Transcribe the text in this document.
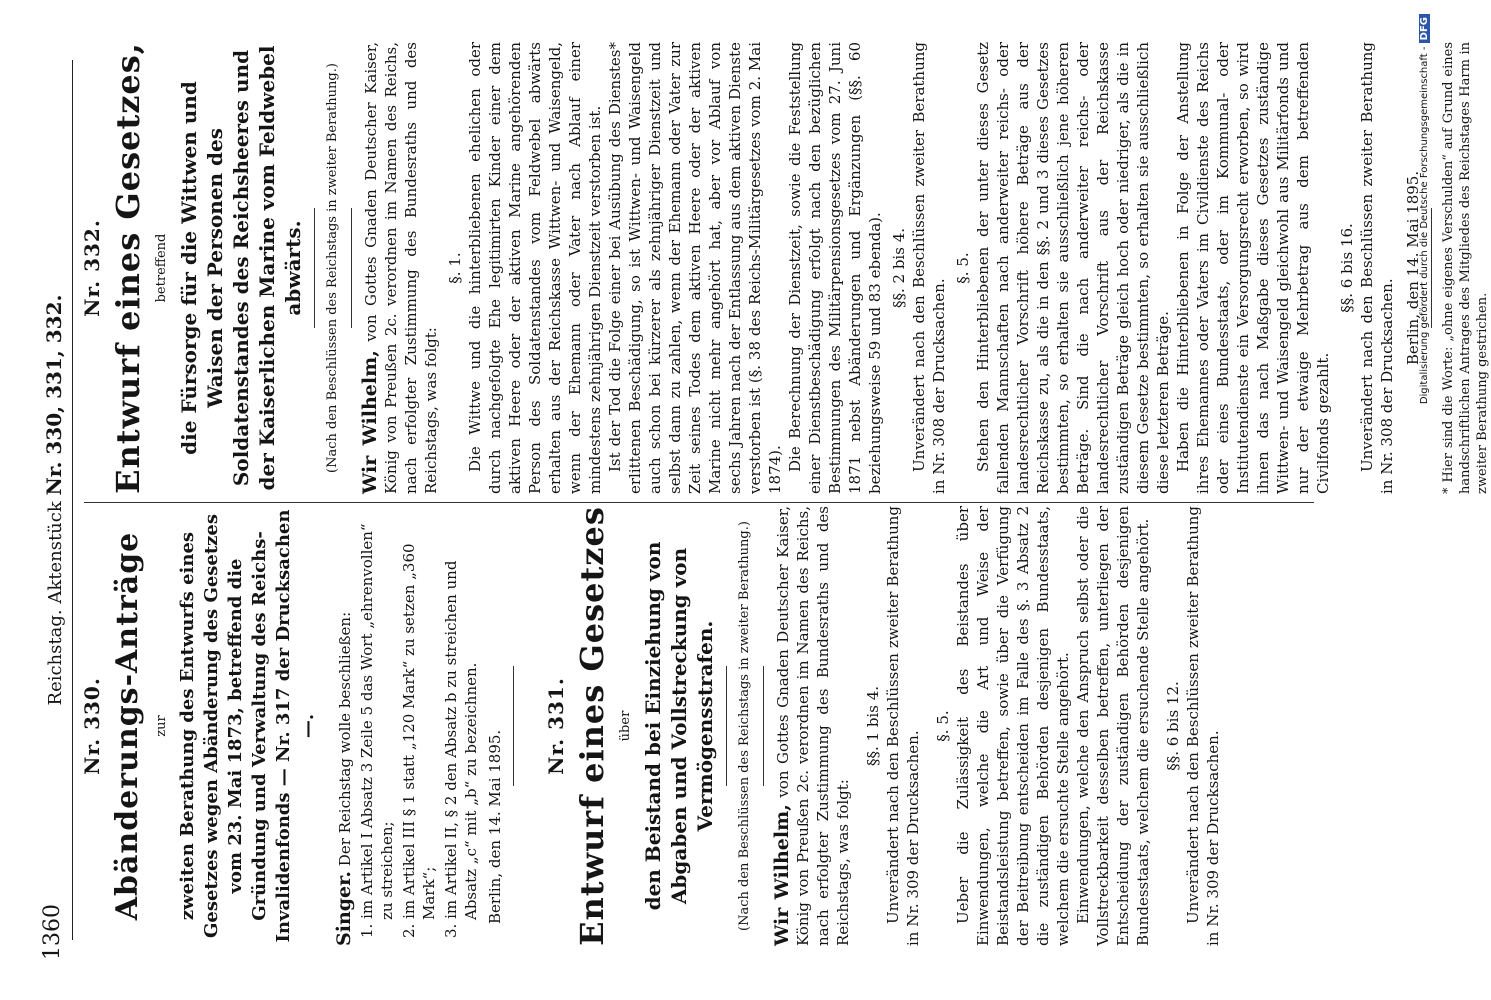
1360
Reichstag. Aktenstück Nr. 330, 331, 332.
Nr. 330. Abänderungs-Anträge zur zweiten Berathung des Entwurfs eines Gesetzes wegen Abänderung des Gesetzes vom 23. Mai 1873, betreffend die Gründung und Verwaltung des Reichs-Invalidenfonds — Nr. 317 der Drucksachen —.
Singer. Der Reichstag wolle beschließen: 1. im Artikel I Absatz 3 Zeile 5 das Wort „ehrenvollen“ zu streichen; 2. im Artikel III § 1 statt „120 Mark“ zu setzen „360 Mark“; 3. im Artikel II, § 2 den Absatz b zu streichen und Absatz „c“ mit „b“ zu bezeichnen. Berlin, den 14. Mai 1895.
Nr. 331. Entwurf eines Gesetzes über den Beistand bei Einziehung von Abgaben und Vollstreckung von Vermögensstrafen. (Nach den Beschlüssen des Reichstags in zweiter Berathung.) Wir Wilhelm, von Gottes Gnaden Deutscher Kaiser, König von Preußen 2c. verordnen im Namen des Reichs, nach erfolgter Zustimmung des Bundesraths und des Reichstags, was folgt:
§§. 1 bis 4. Unverändert nach den Beschlüssen zweiter Berathung in Nr. 309 der Drucksachen.
§. 5. Ueber die Zulässigkeit des Beistandes über Einwendungen, welche die Art und Weise der Beistandsleistung betreffen, sowie über die Verfügung der Beitreibung entscheiden im Falle des §. 3 Absatz 2 die zuständigen Behörden desjenigen Bundesstaats, welchem die ersuchte Stelle angehört. Einwendungen, welche den Anspruch selbst oder die Vollstreckbarkeit desselben betreffen, unterliegen der Entscheidung der zuständigen Behörden desjenigen Bundesstaats, welchem die ersuchende Stelle angehört. §§. 6 bis 12. Unverändert nach den Beschlüssen zweiter Berathung in Nr. 309 der Drucksachen.
Nr. 332. Entwurf eines Gesetzes, betreffend die Fürsorge für die Wittwen und Waisen der Personen des Soldatenstandes des Reichsheeres und der Kaiserlichen Marine vom Feldwebel abwärts. (Nach den Beschlüssen des Reichstags in zweiter Berathung.) Wir Wilhelm, von Gottes Gnaden Deutscher Kaiser, König von Preußen 2c. verordnen im Namen des Reichs, nach erfolgter Zustimmung des Bundesraths und des Reichstags, was folgt:
§. 1. Die Wittwe und die hinterbliebenen ehelichen oder durch nachgefolgte Ehe legitimirten Kinder einer dem aktiven Heere oder der aktiven Marine angehörenden Person des Soldatenstandes vom Feldwebel abwärts erhalten aus der Reichskasse Wittwen- und Waisengeld, wenn der Ehemann oder Vater nach Ablauf einer mindestens zehnjährigen Dienstzeit verstorben ist. Ist der Tod die Folge einer bei Ausübung des Dienstes* erlittenen Beschädigung, so ist Wittwen- und Waisengeld auch schon bei kürzerer als zehnjähriger Dienstzeit und selbst dann zu zahlen, wenn der Ehemann oder Vater zur Zeit seines Todes dem aktiven Heere oder der aktiven Marine nicht mehr angehört hat, aber vor Ablauf von sechs Jahren nach der Entlassung aus dem aktiven Dienste verstorben ist (§. 38 des Reichs-Militärgesetzes vom 2. Mai 1874). Die Berechnung der Dienstzeit, sowie die Feststellung einer Dienstbeschädigung erfolgt nach den bezüglichen Bestimmungen des Militärpensionsgesetzes vom 27. Juni 1871 nebst Abänderungen und Ergänzungen (§§. 60 beziehungsweise 59 und 83 ebenda). §§. 2 bis 4. Unverändert nach den Beschlüssen zweiter Berathung in Nr. 308 der Drucksachen.
§. 5. Stehen den Hinterbliebenen der unter dieses Gesetz fallenden Mannschaften nach anderweiter reichs- oder landesrechtlicher Vorschrift höhere Beträge aus der Reichskasse zu, als die in den §§. 2 und 3 dieses Gesetzes bestimmten, so erhalten sie ausschließlich jene höheren Beträge. Sind die nach anderweiter reichs- oder landesrechtlicher Vorschrift aus der Reichskasse zuständigen Beträge gleich hoch oder niedriger, als die in diesem Gesetze bestimmten, so erhalten sie ausschließlich diese letzteren Beträge. Haben die Hinterbliebenen in Folge der Anstellung ihres Ehemannes oder Vaters im Civildienste des Reichs oder eines Bundesstaats, oder im Kommunal- oder Institutendienste ein Versorgungsrecht erworben, so wird ihnen das nach Maßgabe dieses Gesetzes zuständige Wittwen- und Waisengeld gleichwohl aus Militärfonds und nur der etwaige Mehrbetrag aus dem betreffenden Civilfonds gezahlt.
§§. 6 bis 16. Unverändert nach den Beschlüssen zweiter Berathung in Nr. 308 der Drucksachen.
Berlin, den 14. Mai 1895. * Hier sind die Worte: „ohne eigenes Verschulden“ auf Grund eines handschriftlichen Antrages des Mitgliedes des Reichstages Harm in zweiter Berathung gestrichen.
Digitalisierung gefördert durch die Deutsche Forschungsgemeinschaft - DFG
